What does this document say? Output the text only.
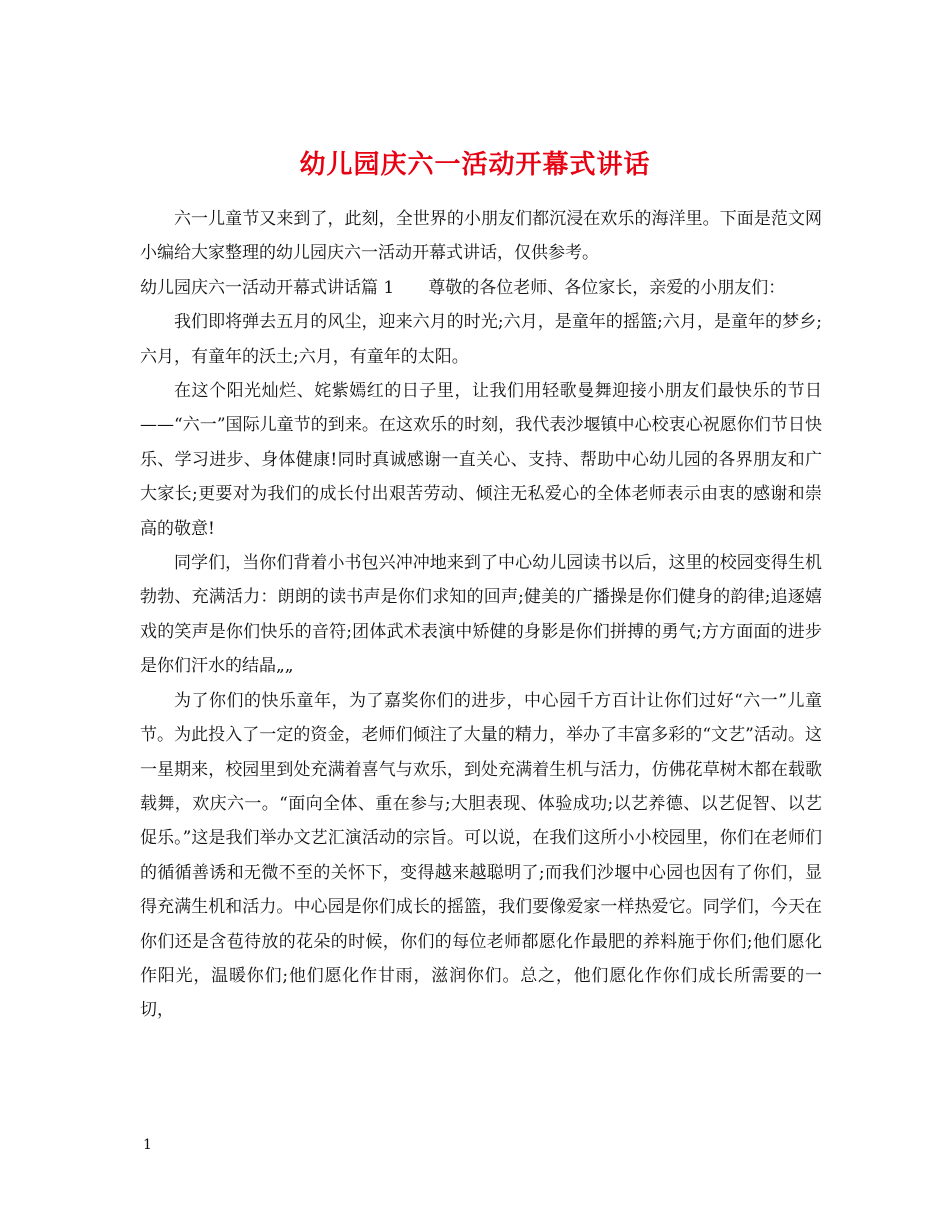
幼儿园庆六一活动开幕式讲话

六一儿童节又来到了，此刻，全世界的小朋友们都沉浸在欢乐的海洋里。下面是范文网小编给大家整理的幼儿园庆六一活动开幕式讲话，仅供参考。

幼儿园庆六一活动开幕式讲话篇 1　　尊敬的各位老师、各位家长，亲爱的小朋友们：

我们即将弹去五月的风尘，迎来六月的时光;六月，是童年的摇篮;六月，是童年的梦乡;六月，有童年的沃土;六月，有童年的太阳。

在这个阳光灿烂、姹紫嫣红的日子里，让我们用轻歌曼舞迎接小朋友们最快乐的节日——“六一”国际儿童节的到来。在这欢乐的时刻，我代表沙堰镇中心校衷心祝愿你们节日快乐、学习进步、身体健康!同时真诚感谢一直关心、支持、帮助中心幼儿园的各界朋友和广大家长;更要对为我们的成长付出艰苦劳动、倾注无私爱心的全体老师表示由衷的感谢和崇高的敬意!

同学们，当你们背着小书包兴冲冲地来到了中心幼儿园读书以后，这里的校园变得生机勃勃、充满活力：朗朗的读书声是你们求知的回声;健美的广播操是你们健身的韵律;追逐嬉戏的笑声是你们快乐的音符;团体武术表演中矫健的身影是你们拼搏的勇气;方方面面的进步是你们汗水的结晶„„

为了你们的快乐童年，为了嘉奖你们的进步，中心园千方百计让你们过好“六一”儿童节。为此投入了一定的资金，老师们倾注了大量的精力，举办了丰富多彩的“文艺”活动。这一星期来，校园里到处充满着喜气与欢乐，到处充满着生机与活力，仿佛花草树木都在载歌载舞，欢庆六一。“面向全体、重在参与;大胆表现、体验成功;以艺养德、以艺促智、以艺促乐。”这是我们举办文艺汇演活动的宗旨。可以说，在我们这所小小校园里，你们在老师们的循循善诱和无微不至的关怀下，变得越来越聪明了;而我们沙堰中心园也因有了你们，显得充满生机和活力。中心园是你们成长的摇篮，我们要像爱家一样热爱它。同学们，今天在你们还是含苞待放的花朵的时候，你们的每位老师都愿化作最肥的养料施于你们;他们愿化作阳光，温暖你们;他们愿化作甘雨，滋润你们。总之，他们愿化作你们成长所需要的一切，

1
